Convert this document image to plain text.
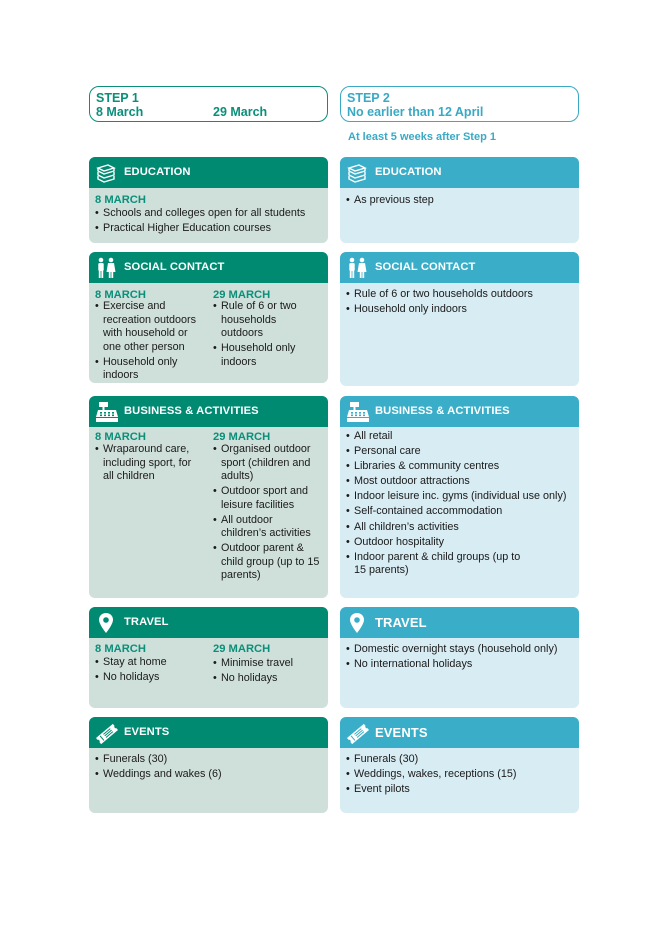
STEP 1
8 March	29 March
STEP 2
No earlier than 12 April
At least 5 weeks after Step 1
EDUCATION
8 MARCH
• Schools and colleges open for all students
• Practical Higher Education courses
EDUCATION
• As previous step
SOCIAL CONTACT
8 MARCH
• Exercise and recreation outdoors with household or one other person
• Household only indoors
29 MARCH
• Rule of 6 or two households outdoors
• Household only indoors
SOCIAL CONTACT
• Rule of 6 or two households outdoors
• Household only indoors
BUSINESS & ACTIVITIES
8 MARCH
• Wraparound care, including sport, for all children
29 MARCH
• Organised outdoor sport (children and adults)
• Outdoor sport and leisure facilities
• All outdoor children’s activities
• Outdoor parent & child group (up to 15 parents)
BUSINESS & ACTIVITIES
• All retail
• Personal care
• Libraries & community centres
• Most outdoor attractions
• Indoor leisure inc. gyms (individual use only)
• Self-contained accommodation
• All children’s activities
• Outdoor hospitality
• Indoor parent & child groups (up to 15 parents)
TRAVEL
8 MARCH
• Stay at home
• No holidays
29 MARCH
• Minimise travel
• No holidays
TRAVEL
• Domestic overnight stays (household only)
• No international holidays
EVENTS
• Funerals (30)
• Weddings and wakes (6)
EVENTS
• Funerals (30)
• Weddings, wakes, receptions (15)
• Event pilots
